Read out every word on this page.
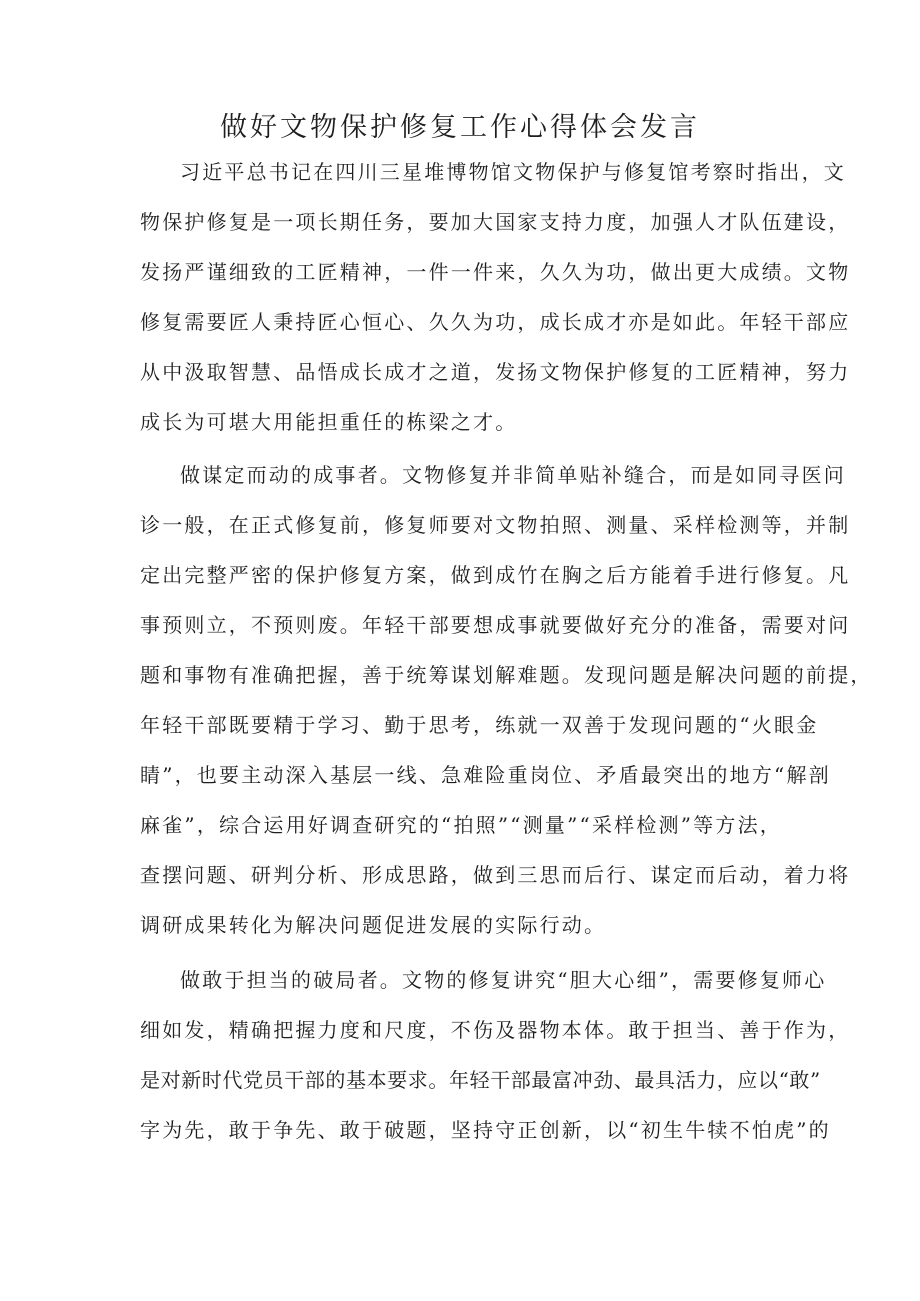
做好文物保护修复工作心得体会发言
习近平总书记在四川三星堆博物馆文物保护与修复馆考察时指出，文
物保护修复是一项长期任务，要加大国家支持力度，加强人才队伍建设，
发扬严谨细致的工匠精神，一件一件来，久久为功，做出更大成绩。文物
修复需要匠人秉持匠心恒心、久久为功，成长成才亦是如此。年轻干部应
从中汲取智慧、品悟成长成才之道，发扬文物保护修复的工匠精神，努力
成长为可堪大用能担重任的栋梁之才。
做谋定而动的成事者。文物修复并非简单贴补缝合，而是如同寻医问
诊一般，在正式修复前，修复师要对文物拍照、测量、采样检测等，并制
定出完整严密的保护修复方案，做到成竹在胸之后方能着手进行修复。凡
事预则立，不预则废。年轻干部要想成事就要做好充分的准备，需要对问
题和事物有准确把握，善于统筹谋划解难题。发现问题是解决问题的前提，
年轻干部既要精于学习、勤于思考，练就一双善于发现问题的“火眼金
睛”，也要主动深入基层一线、急难险重岗位、矛盾最突出的地方“解剖
麻雀”，综合运用好调查研究的“拍照”“测量”“采样检测”等方法，
查摆问题、研判分析、形成思路，做到三思而后行、谋定而后动，着力将
调研成果转化为解决问题促进发展的实际行动。
做敢于担当的破局者。文物的修复讲究“胆大心细”，需要修复师心
细如发，精确把握力度和尺度，不伤及器物本体。敢于担当、善于作为，
是对新时代党员干部的基本要求。年轻干部最富冲劲、最具活力，应以“敢”
字为先，敢于争先、敢于破题，坚持守正创新，以“初生牛犊不怕虎”的
